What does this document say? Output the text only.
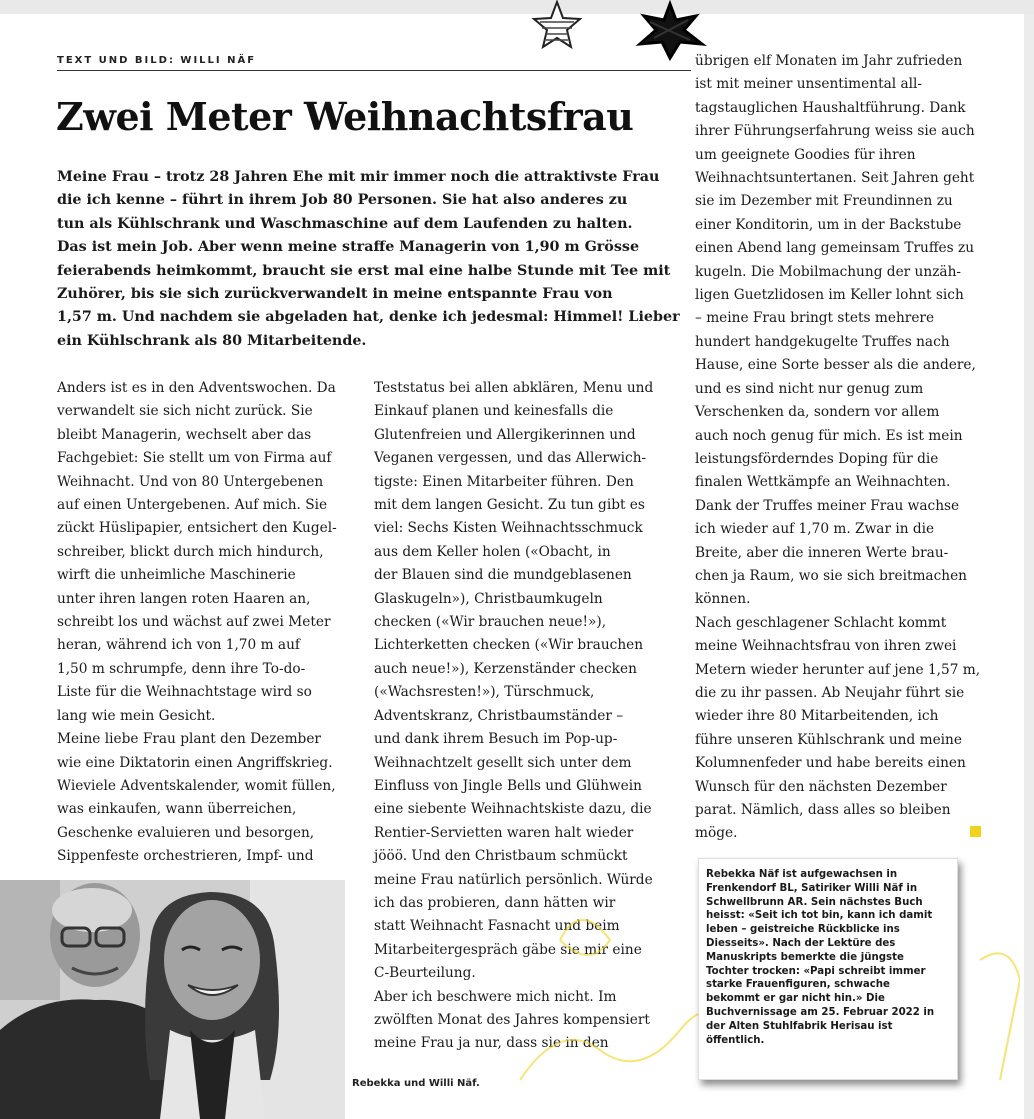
TEXT UND BILD: WILLI NÄF
Zwei Meter Weihnachtsfrau

Meine Frau – trotz 28 Jahren Ehe mit mir immer noch die attraktivste Frau
die ich kenne – führt in ihrem Job 80 Personen. Sie hat also anderes zu
tun als Kühlschrank und Waschmaschine auf dem Laufenden zu halten.
Das ist mein Job. Aber wenn meine straffe Managerin von 1,90 m Grösse
feierabends heimkommt, braucht sie erst mal eine halbe Stunde mit Tee mit
Zuhörer, bis sie sich zurückverwandelt in meine entspannte Frau von
1,57 m. Und nachdem sie abgeladen hat, denke ich jedesmal: Himmel! Lieber
ein Kühlschrank als 80 Mitarbeitende.

Anders ist es in den Adventswochen. Da
verwandelt sie sich nicht zurück. Sie
bleibt Managerin, wechselt aber das
Fachgebiet: Sie stellt um von Firma auf
Weihnacht. Und von 80 Untergebenen
auf einen Untergebenen. Auf mich. Sie
zückt Hüslipapier, entsichert den Kugel-
schreiber, blickt durch mich hindurch,
wirft die unheimliche Maschinerie
unter ihren langen roten Haaren an,
schreibt los und wächst auf zwei Meter
heran, während ich von 1,70 m auf
1,50 m schrumpfe, denn ihre To-do-
Liste für die Weihnachtstage wird so
lang wie mein Gesicht.
Meine liebe Frau plant den Dezember
wie eine Diktatorin einen Angriffskrieg.
Wieviele Adventskalender, womit füllen,
was einkaufen, wann überreichen,
Geschenke evaluieren und besorgen,
Sippenfeste orchestrieren, Impf- und

Teststatus bei allen abklären, Menu und
Einkauf planen und keinesfalls die
Glutenfreien und Allergikerinnen und
Veganen vergessen, und das Allerwich-
tigste: Einen Mitarbeiter führen. Den
mit dem langen Gesicht. Zu tun gibt es
viel: Sechs Kisten Weihnachtsschmuck
aus dem Keller holen («Obacht, in
der Blauen sind die mundgeblasenen
Glaskugeln»), Christbaumkugeln
checken («Wir brauchen neue!»),
Lichterketten checken («Wir brauchen
auch neue!»), Kerzenständer checken
(«Wachsresten!»), Türschmuck,
Adventskranz, Christbaumständer –
und dank ihrem Besuch im Pop-up-
Weihnachtzelt gesellt sich unter dem
Einfluss von Jingle Bells und Glühwein
eine siebente Weihnachtskiste dazu, die
Rentier-Servietten waren halt wieder
jööö. Und den Christbaum schmückt
meine Frau natürlich persönlich. Würde
ich das probieren, dann hätten wir
statt Weihnacht Fasnacht und beim
Mitarbeitergespräch gäbe sie mir eine
C-Beurteilung.
Aber ich beschwere mich nicht. Im
zwölften Monat des Jahres kompensiert
meine Frau ja nur, dass sie in den

übrigen elf Monaten im Jahr zufrieden
ist mit meiner unsentimental all-
tagstauglichen Haushaltführung. Dank
ihrer Führungserfahrung weiss sie auch
um geeignete Goodies für ihren
Weihnachtsuntertanen. Seit Jahren geht
sie im Dezember mit Freundinnen zu
einer Konditorin, um in der Backstube
einen Abend lang gemeinsam Truffes zu
kugeln. Die Mobilmachung der unzäh-
ligen Guetzlidosen im Keller lohnt sich
– meine Frau bringt stets mehrere
hundert handgekugelte Truffes nach
Hause, eine Sorte besser als die andere,
und es sind nicht nur genug zum
Verschenken da, sondern vor allem
auch noch genug für mich. Es ist mein
leistungsförderndes Doping für die
finalen Wettkämpfe an Weihnachten.
Dank der Truffes meiner Frau wachse
ich wieder auf 1,70 m. Zwar in die
Breite, aber die inneren Werte brau-
chen ja Raum, wo sie sich breitmachen
können.
Nach geschlagener Schlacht kommt
meine Weihnachtsfrau von ihren zwei
Metern wieder herunter auf jene 1,57 m,
die zu ihr passen. Ab Neujahr führt sie
wieder ihre 80 Mitarbeitenden, ich
führe unseren Kühlschrank und meine
Kolumnenfeder und habe bereits einen
Wunsch für den nächsten Dezember
parat. Nämlich, dass alles so bleiben
möge.

Rebekka und Willi Näf.

Rebekka Näf ist aufgewachsen in
Frenkendorf BL, Satiriker Willi Näf in
Schwellbrunn AR. Sein nächstes Buch
heisst: «Seit ich tot bin, kann ich damit
leben – geistreiche Rückblicke ins
Diesseits». Nach der Lektüre des
Manuskripts bemerkte die jüngste
Tochter trocken: «Papi schreibt immer
starke Frauenfiguren, schwache
bekommt er gar nicht hin.» Die
Buchvernissage am 25. Februar 2022 in
der Alten Stuhlfabrik Herisau ist
öffentlich.
